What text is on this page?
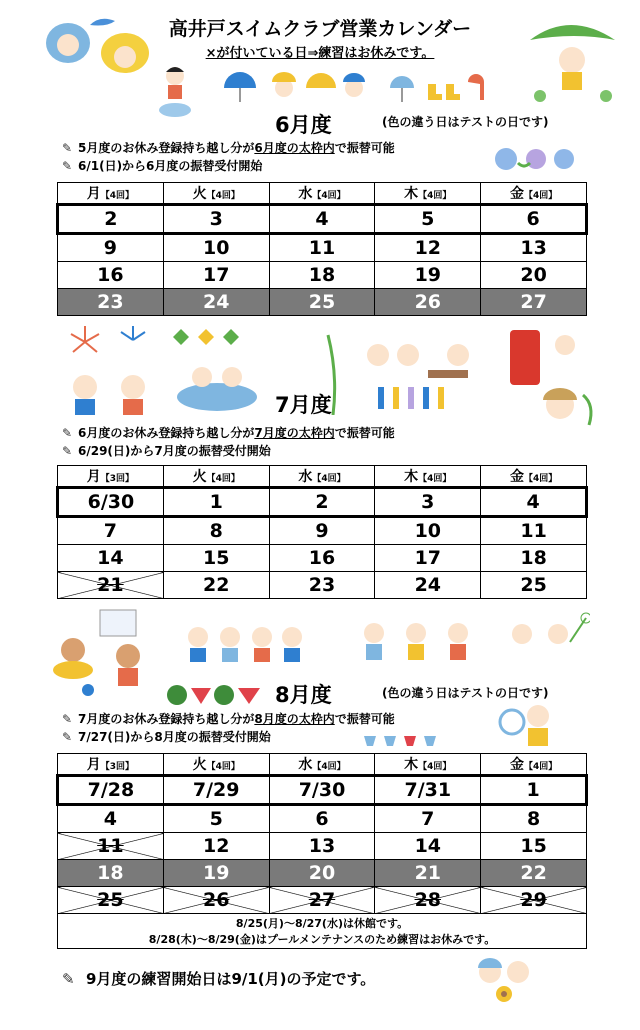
高井戸スイムクラブ営業カレンダー
×が付いている日⇒練習はお休みです。
6月度	(色の違う日はテストの日です)
✎ 5月度のお休み登録持ち越し分が6月度の太枠内で振替可能
✎ 6/1(日)から6月度の振替受付開始
月【4回】	火【4回】	水【4回】	木【4回】	金【4回】
2	3	4	5	6
9	10	11	12	13
16	17	18	19	20
23	24	25	26	27
7月度
✎ 6月度のお休み登録持ち越し分が7月度の太枠内で振替可能
✎ 6/29(日)から7月度の振替受付開始
月【3回】	火【4回】	水【4回】	木【4回】	金【4回】
6/30	1	2	3	4
7	8	9	10	11
14	15	16	17	18
21	22	23	24	25
8月度	(色の違う日はテストの日です)
✎ 7月度のお休み登録持ち越し分が8月度の太枠内で振替可能
✎ 7/27(日)から8月度の振替受付開始
月【3回】	火【4回】	水【4回】	木【4回】	金【4回】
7/28	7/29	7/30	7/31	1
4	5	6	7	8
11	12	13	14	15
18	19	20	21	22
25	26	27	28	29

8/25(月)～8/27(水)は休館です。
8/28(木)～8/29(金)はプールメンテナンスのため練習はお休みです。				
✎ 9月度の練習開始日は9/1(月)の予定です。
